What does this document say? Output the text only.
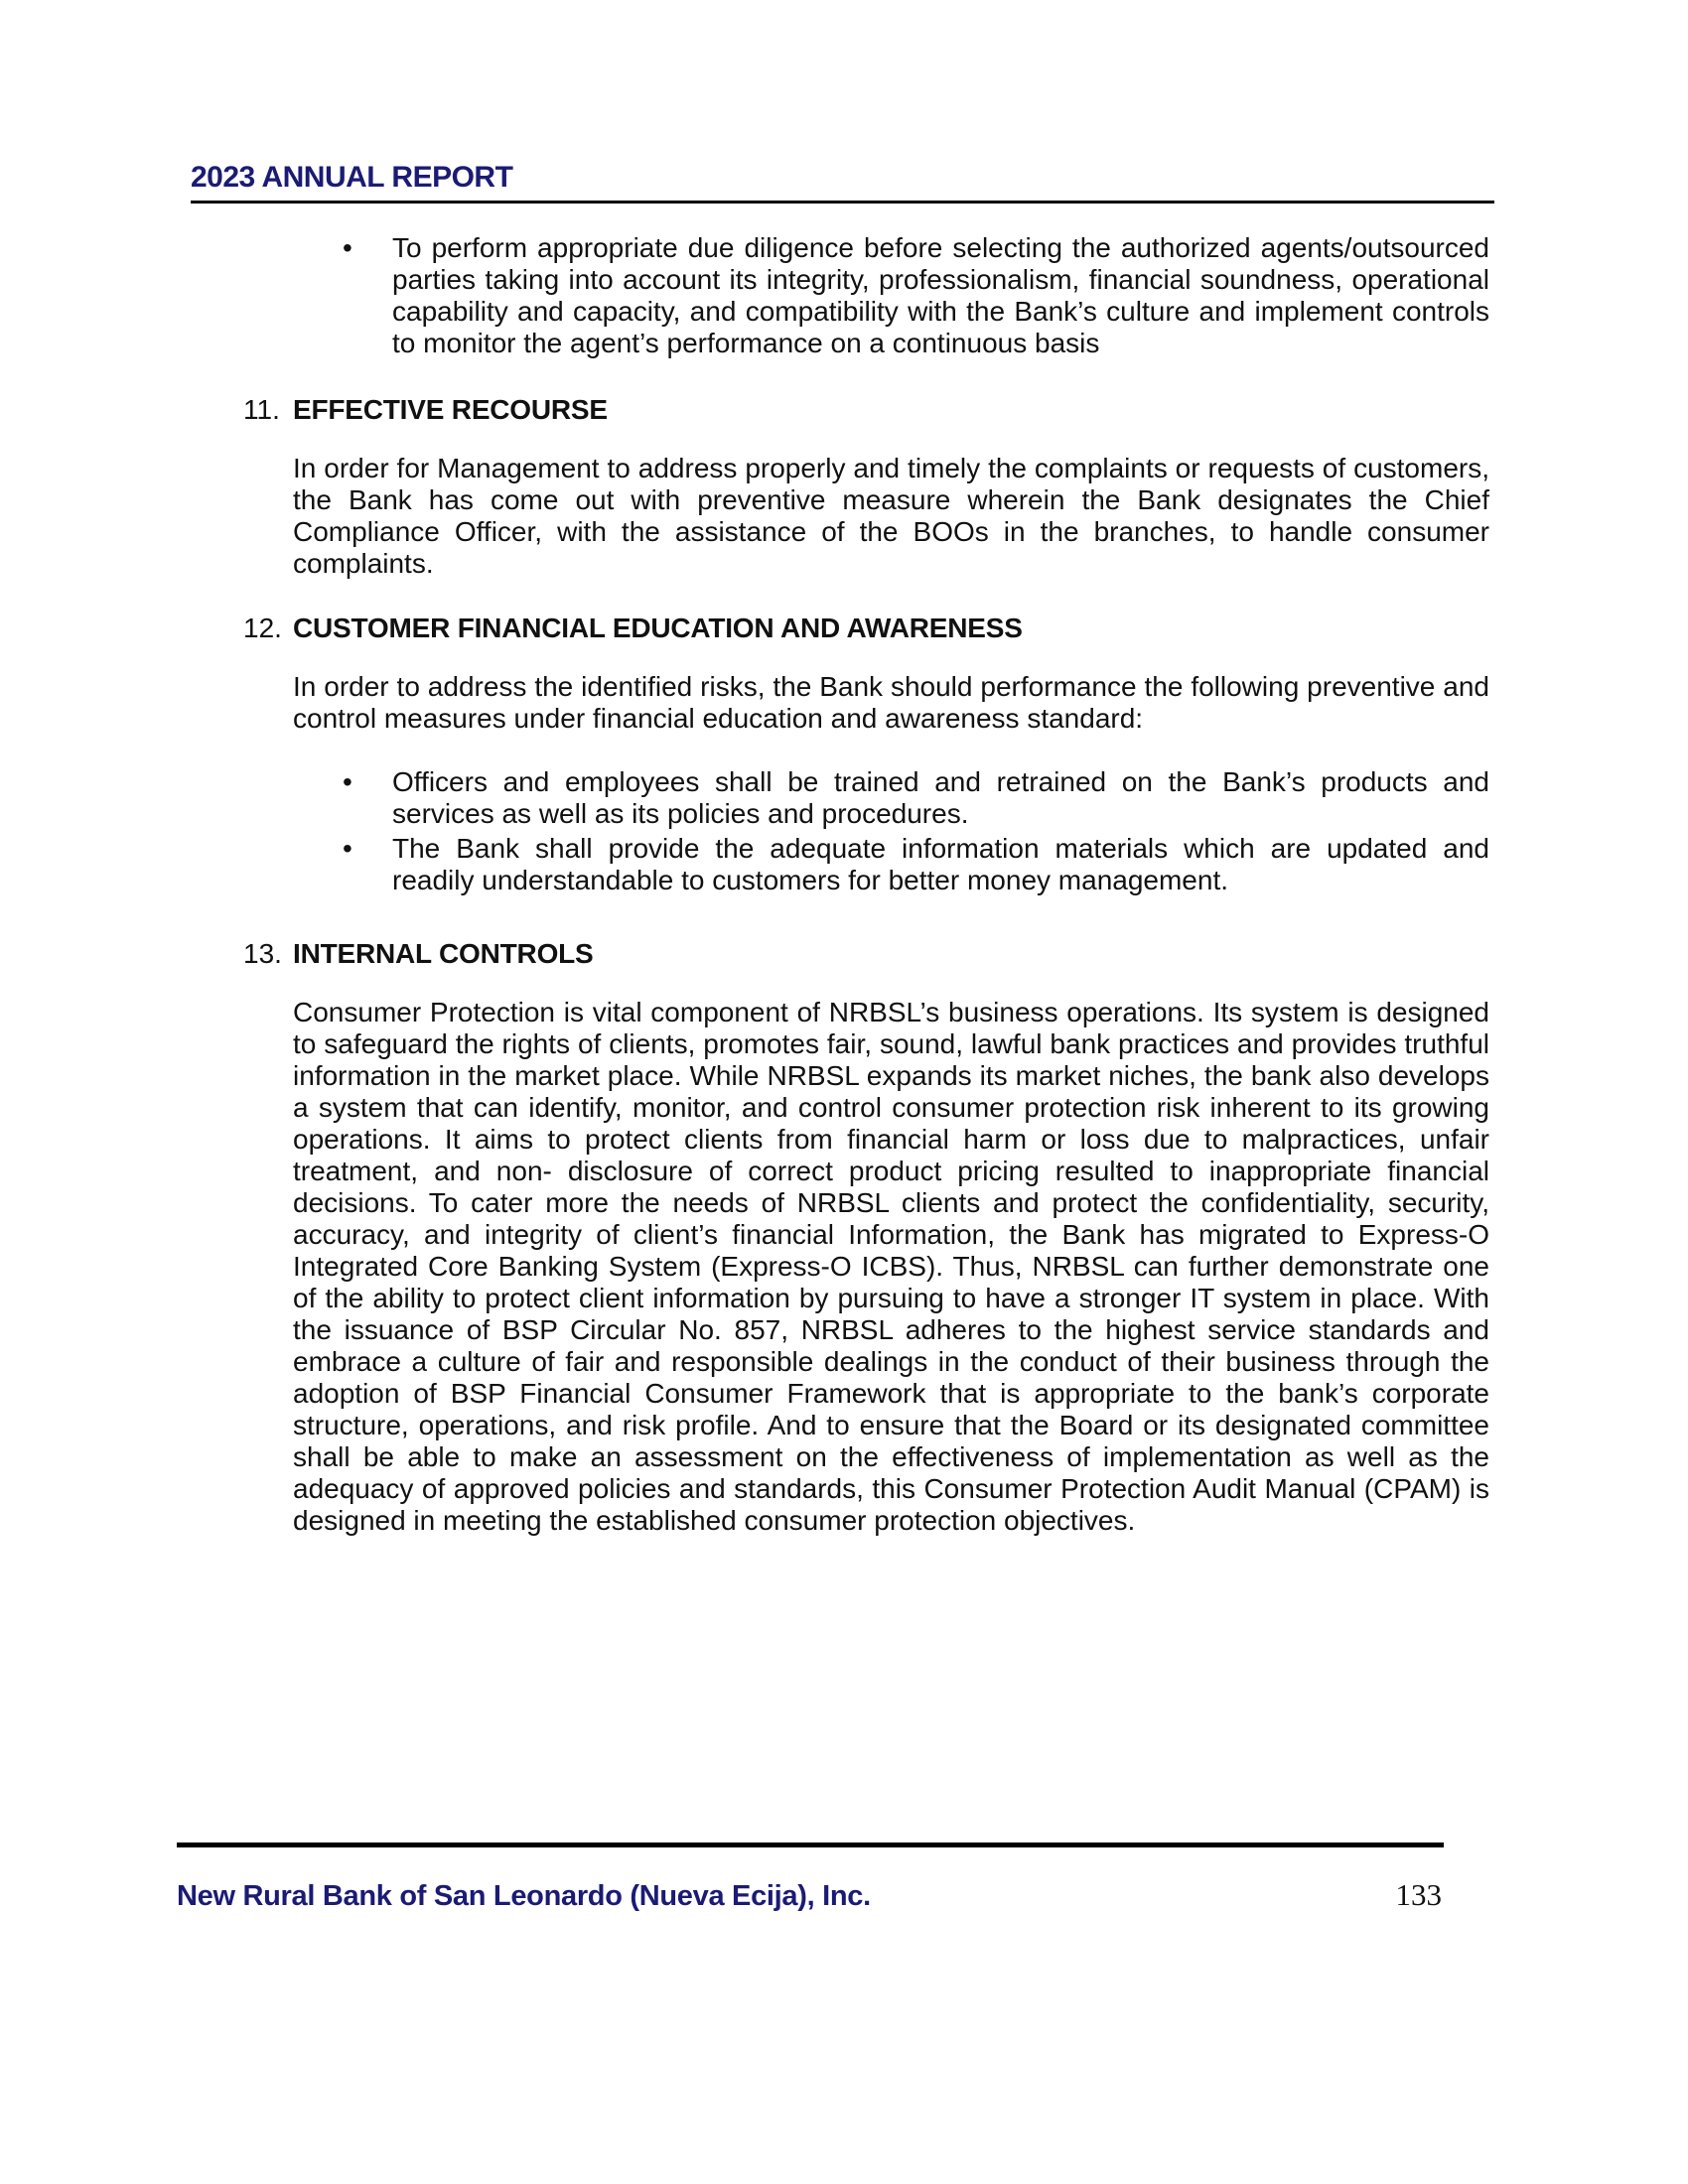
2023 ANNUAL REPORT
•	To perform appropriate due diligence before selecting the authorized agents/outsourced parties taking into account its integrity, professionalism, financial soundness, operational capability and capacity, and compatibility with the Bank’s culture and implement controls to monitor the agent’s performance on a continuous basis
11. EFFECTIVE RECOURSE
In order for Management to address properly and timely the complaints or requests of customers, the Bank has come out with preventive measure wherein the Bank designates the Chief Compliance Officer, with the assistance of the BOOs in the branches, to handle consumer complaints.
12. CUSTOMER FINANCIAL EDUCATION AND AWARENESS
In order to address the identified risks, the Bank should performance the following preventive and control measures under financial education and awareness standard:
•	Officers and employees shall be trained and retrained on the Bank’s products and services as well as its policies and procedures.
•	The Bank shall provide the adequate information materials which are updated and readily understandable to customers for better money management.
13. INTERNAL CONTROLS
Consumer Protection is vital component of NRBSL’s business operations. Its system is designed to safeguard the rights of clients, promotes fair, sound, lawful bank practices and provides truthful information in the market place. While NRBSL expands its market niches, the bank also develops a system that can identify, monitor, and control consumer protection risk inherent to its growing operations. It aims to protect clients from financial harm or loss due to malpractices, unfair treatment, and non- disclosure of correct product pricing resulted to inappropriate financial decisions. To cater more the needs of NRBSL clients and protect the confidentiality, security, accuracy, and integrity of client’s financial Information, the Bank has migrated to Express-O Integrated Core Banking System (Express-O ICBS). Thus, NRBSL can further demonstrate one of the ability to protect client information by pursuing to have a stronger IT system in place. With the issuance of BSP Circular No. 857, NRBSL adheres to the highest service standards and embrace a culture of fair and responsible dealings in the conduct of their business through the adoption of BSP Financial Consumer Framework that is appropriate to the bank’s corporate structure, operations, and risk profile. And to ensure that the Board or its designated committee shall be able to make an assessment on the effectiveness of implementation as well as the adequacy of approved policies and standards, this Consumer Protection Audit Manual (CPAM) is designed in meeting the established consumer protection objectives.
New Rural Bank of San Leonardo (Nueva Ecija), Inc.	133
